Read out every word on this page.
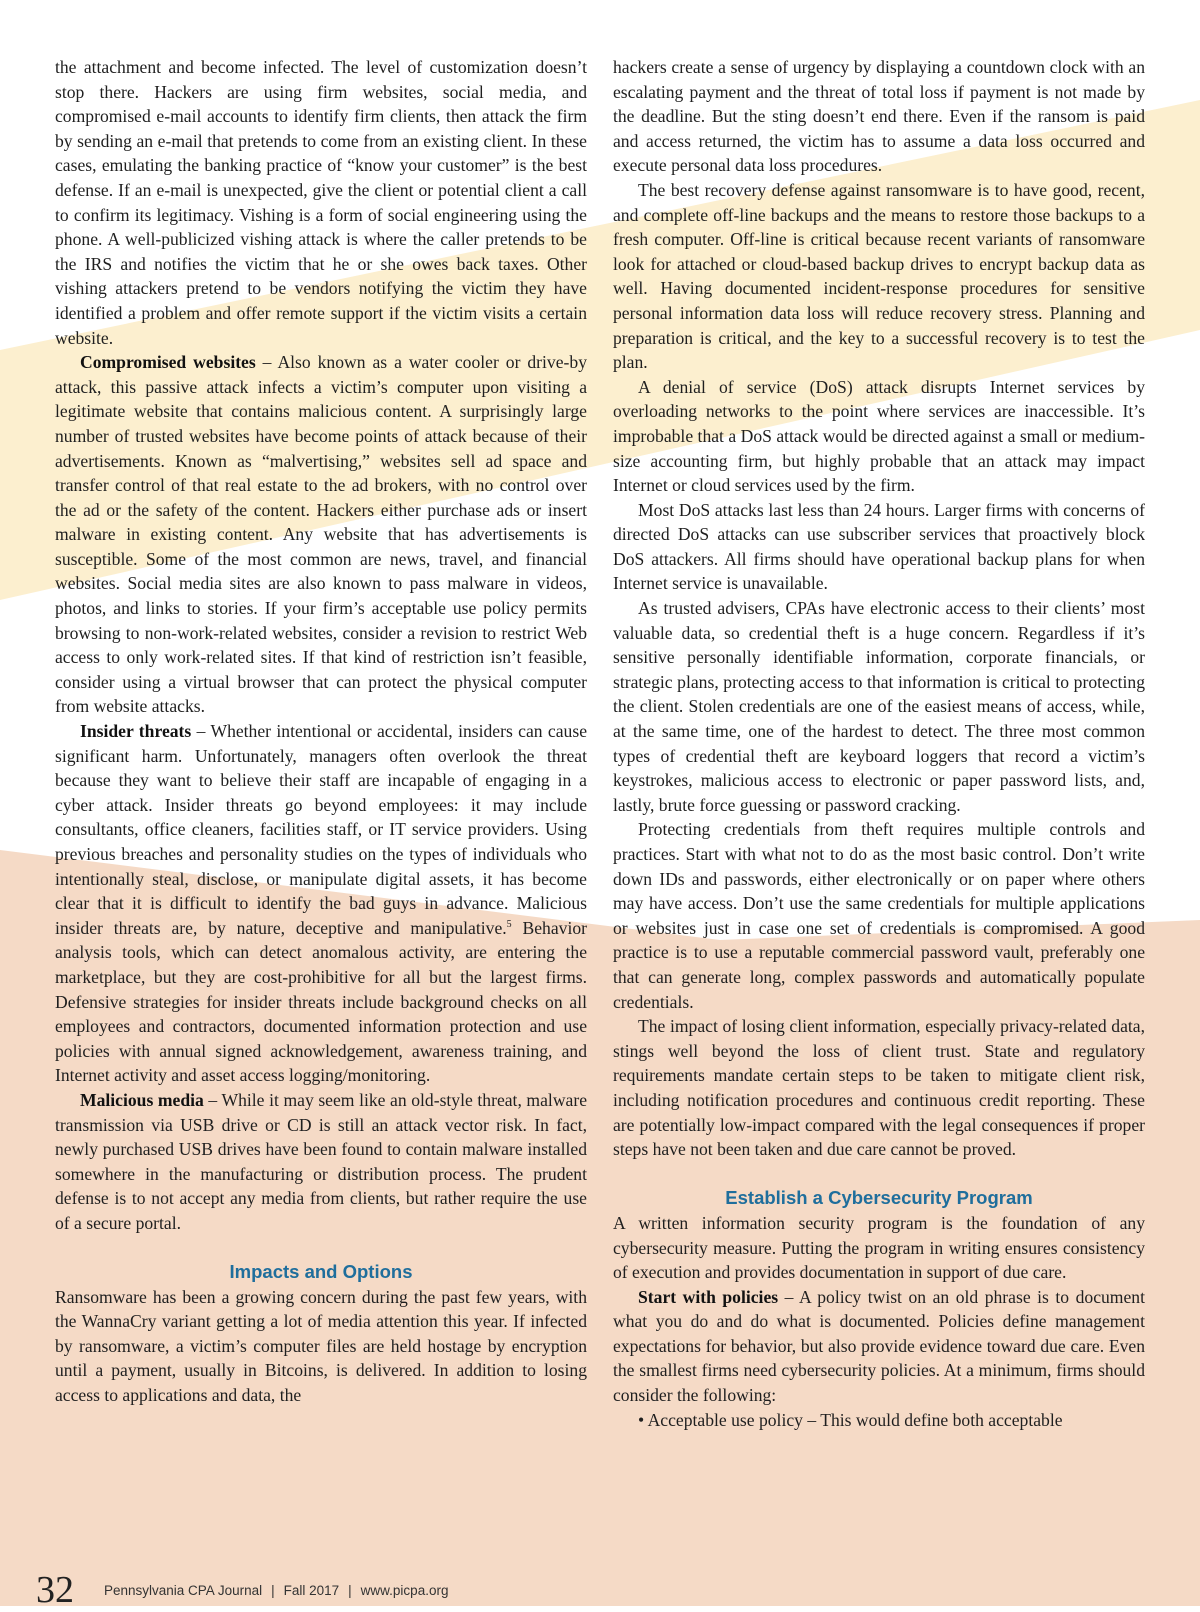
the attachment and become infected. The level of customization doesn’t stop there. Hackers are using firm websites, social media, and compromised e-mail accounts to identify firm clients, then attack the firm by sending an e-mail that pretends to come from an existing client. In these cases, emulating the banking practice of “know your customer” is the best defense. If an e-mail is unexpected, give the client or potential client a call to confirm its legitimacy. Vishing is a form of social engineering using the phone. A well-publicized vishing attack is where the caller pretends to be the IRS and notifies the victim that he or she owes back taxes. Other vishing attackers pretend to be vendors notifying the victim they have identified a problem and offer remote support if the victim visits a certain website.

Compromised websites – Also known as a water cooler or drive-by attack, this passive attack infects a victim’s computer upon visiting a legitimate website that contains malicious content. A surprisingly large number of trusted websites have become points of attack because of their advertisements. Known as “malvertising,” websites sell ad space and transfer control of that real estate to the ad brokers, with no control over the ad or the safety of the content. Hackers either purchase ads or insert malware in existing content. Any website that has advertisements is susceptible. Some of the most common are news, travel, and financial websites. Social media sites are also known to pass malware in videos, photos, and links to stories. If your firm’s acceptable use policy permits browsing to non-work-related websites, consider a revision to restrict Web access to only work-related sites. If that kind of restriction isn’t feasible, consider using a virtual browser that can protect the physical computer from website attacks.

Insider threats – Whether intentional or accidental, insiders can cause significant harm. Unfortunately, managers often overlook the threat because they want to believe their staff are incapable of engaging in a cyber attack. Insider threats go beyond employees: it may include consultants, office cleaners, facilities staff, or IT service providers. Using previous breaches and personality studies on the types of individuals who intentionally steal, disclose, or manipulate digital assets, it has become clear that it is difficult to identify the bad guys in advance. Malicious insider threats are, by nature, deceptive and manipulative.$^5$ Behavior analysis tools, which can detect anomalous activity, are entering the marketplace, but they are cost-prohibitive for all but the largest firms. Defensive strategies for insider threats include background checks on all employees and contractors, documented information protection and use policies with annual signed acknowledgement, awareness training, and Internet activity and asset access logging/monitoring.

Malicious media – While it may seem like an old-style threat, malware transmission via USB drive or CD is still an attack vector risk. In fact, newly purchased USB drives have been found to contain malware installed somewhere in the manufacturing or distribution process. The prudent defense is to not accept any media from clients, but rather require the use of a secure portal.

Impacts and Options

Ransomware has been a growing concern during the past few years, with the WannaCry variant getting a lot of media attention this year. If infected by ransomware, a victim’s computer files are held hostage by encryption until a payment, usually in Bitcoins, is delivered. In addition to losing access to applications and data, the

hackers create a sense of urgency by displaying a countdown clock with an escalating payment and the threat of total loss if payment is not made by the deadline. But the sting doesn’t end there. Even if the ransom is paid and access returned, the victim has to assume a data loss occurred and execute personal data loss procedures.

The best recovery defense against ransomware is to have good, recent, and complete off-line backups and the means to restore those backups to a fresh computer. Off-line is critical because recent variants of ransomware look for attached or cloud-based backup drives to encrypt backup data as well. Having documented incident-response procedures for sensitive personal information data loss will reduce recovery stress. Planning and preparation is critical, and the key to a successful recovery is to test the plan.

A denial of service (DoS) attack disrupts Internet services by overloading networks to the point where services are inaccessible. It’s improbable that a DoS attack would be directed against a small or medium-size accounting firm, but highly probable that an attack may impact Internet or cloud services used by the firm.

Most DoS attacks last less than 24 hours. Larger firms with concerns of directed DoS attacks can use subscriber services that proactively block DoS attackers. All firms should have operational backup plans for when Internet service is unavailable.

As trusted advisers, CPAs have electronic access to their clients’ most valuable data, so credential theft is a huge concern. Regardless if it’s sensitive personally identifiable information, corporate financials, or strategic plans, protecting access to that information is critical to protecting the client. Stolen credentials are one of the easiest means of access, while, at the same time, one of the hardest to detect. The three most common types of credential theft are keyboard loggers that record a victim’s keystrokes, malicious access to electronic or paper password lists, and, lastly, brute force guessing or password cracking.

Protecting credentials from theft requires multiple controls and practices. Start with what not to do as the most basic control. Don’t write down IDs and passwords, either electronically or on paper where others may have access. Don’t use the same credentials for multiple applications or websites just in case one set of credentials is compromised. A good practice is to use a reputable commercial password vault, preferably one that can generate long, complex passwords and automatically populate credentials.

The impact of losing client information, especially privacy-related data, stings well beyond the loss of client trust. State and regulatory requirements mandate certain steps to be taken to mitigate client risk, including notification procedures and continuous credit reporting. These are potentially low-impact compared with the legal consequences if proper steps have not been taken and due care cannot be proved.

Establish a Cybersecurity Program

A written information security program is the foundation of any cybersecurity measure. Putting the program in writing ensures consistency of execution and provides documentation in support of due care.

Start with policies – A policy twist on an old phrase is to document what you do and do what is documented. Policies define management expectations for behavior, but also provide evidence toward due care. Even the smallest firms need cybersecurity policies. At a minimum, firms should consider the following:

• Acceptable use policy – This would define both acceptable

32 Pennsylvania CPA Journal | Fall 2017 | www.picpa.org
